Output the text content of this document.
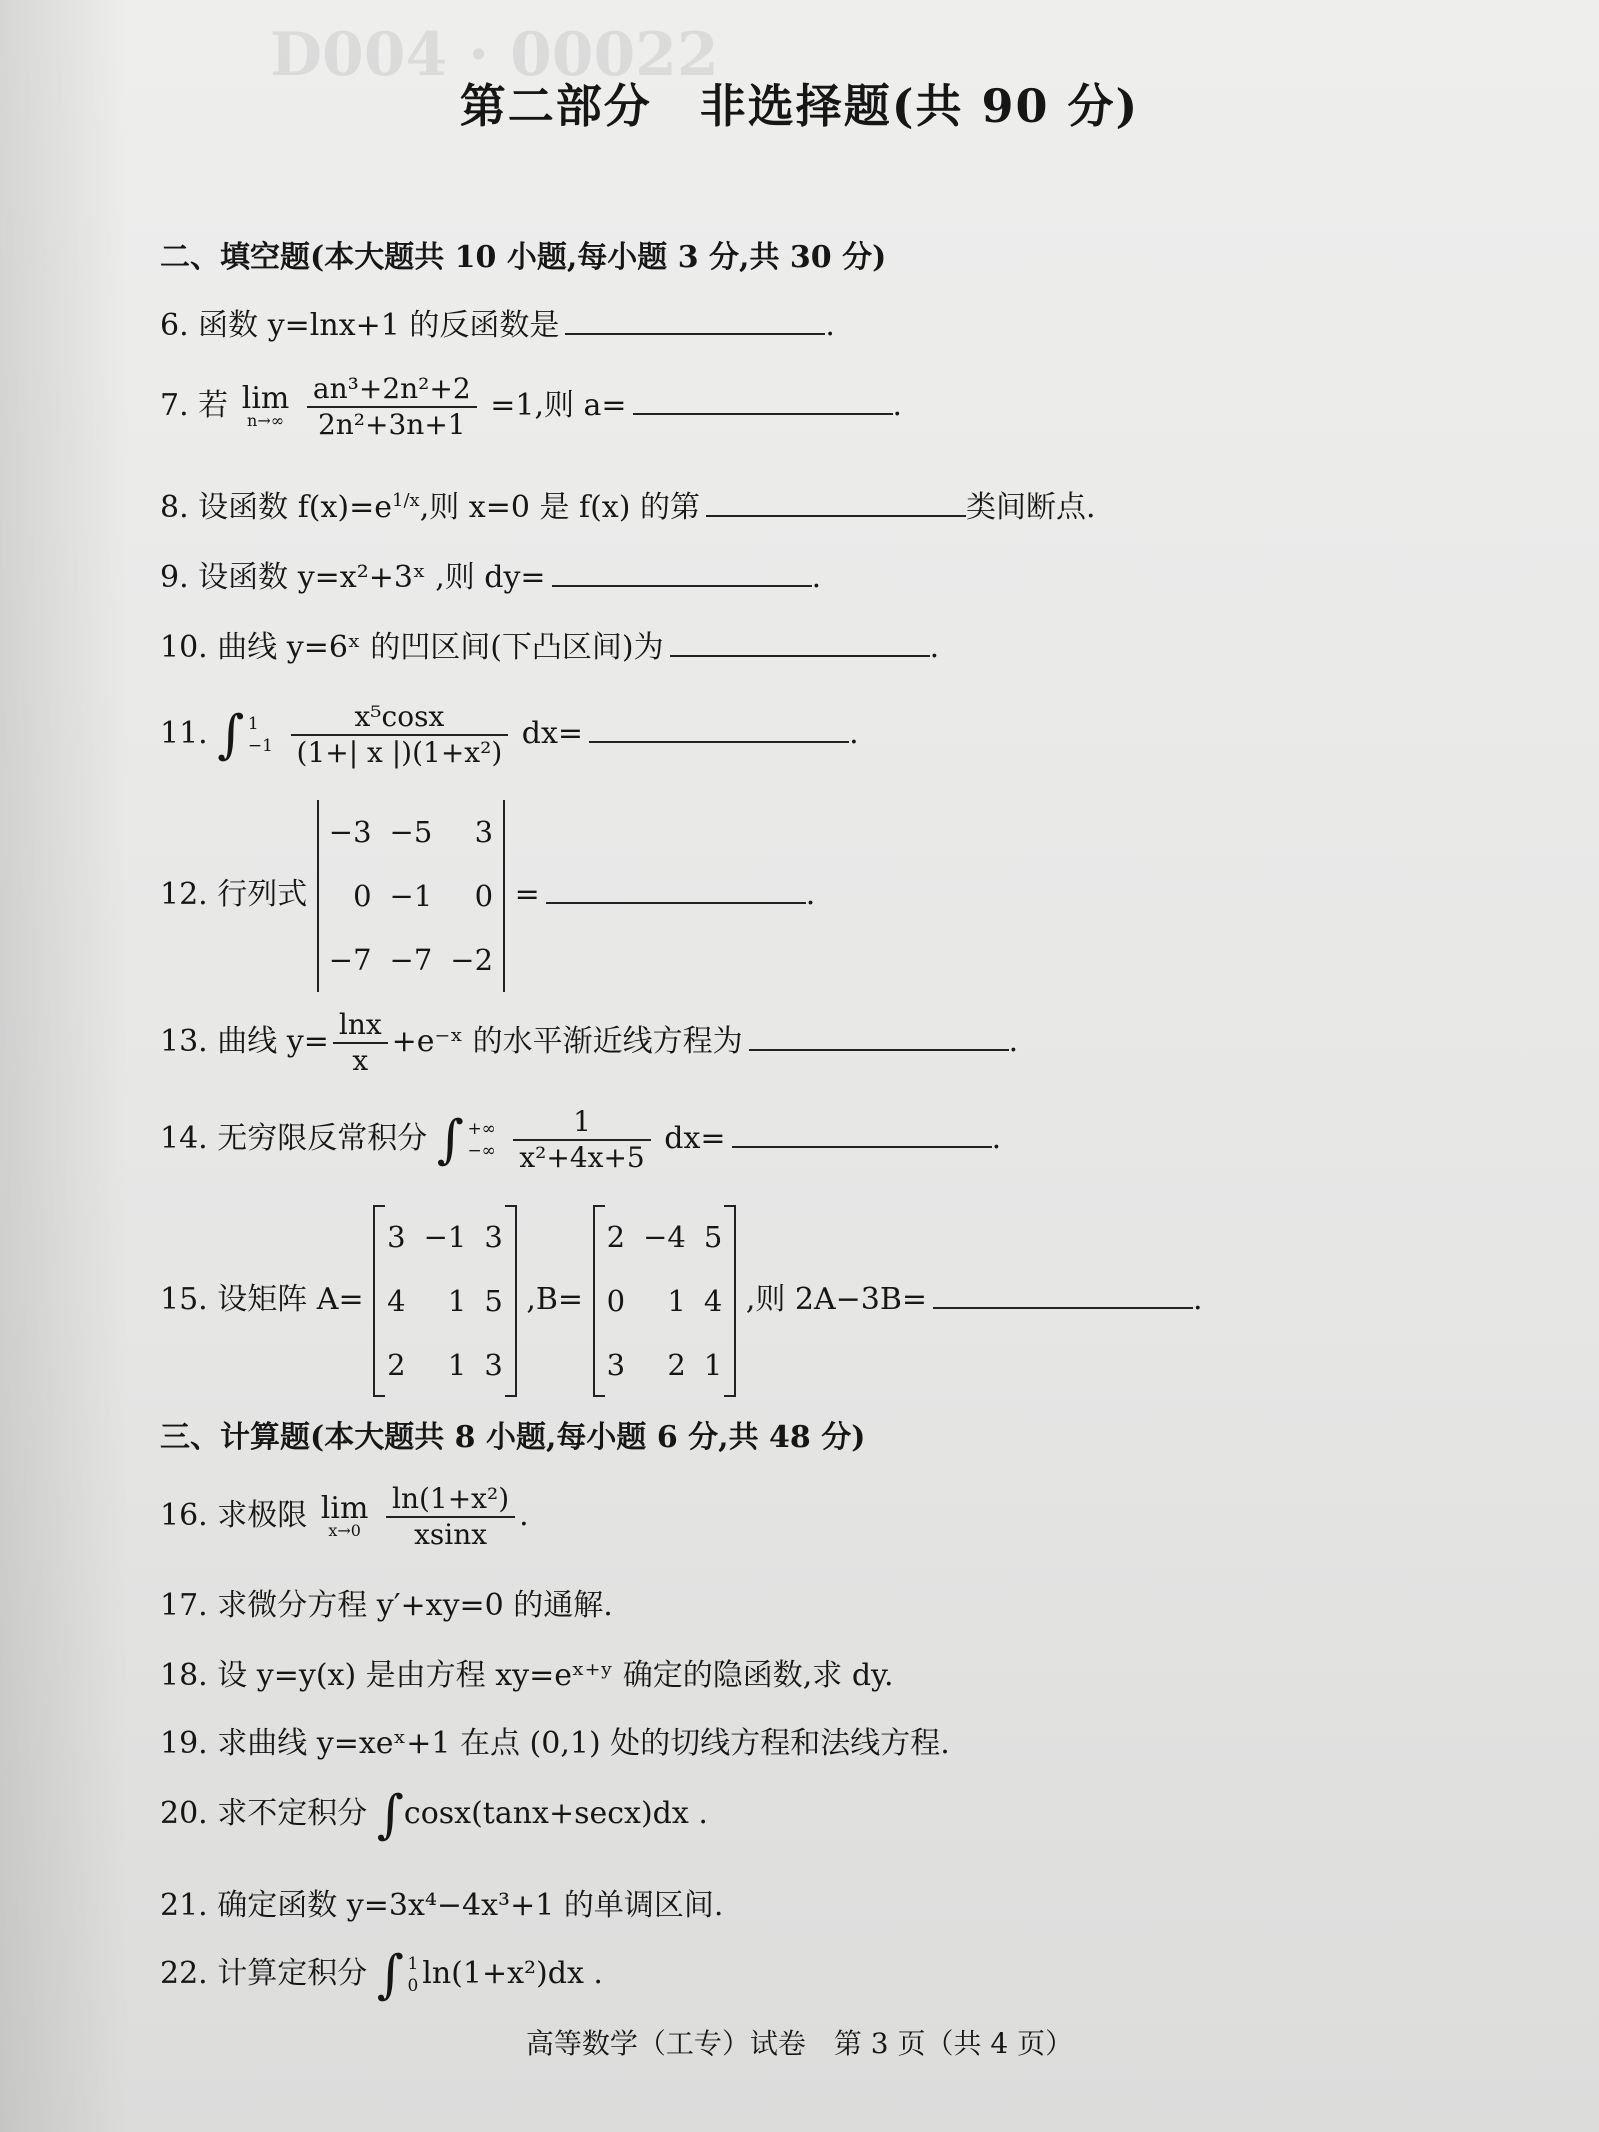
D004 · 00022
第二部分　非选择题(共 90 分)
二、填空题(本大题共 10 小题,每小题 3 分,共 30 分)
6. 函数 y=lnx+1 的反函数是	.
7. 若 lim
n→∞
$\frac{\text{an³+2n²+2}}{\text{2n²+3n+1}} =1$,则 a=	.
8. 设函数 $f(x)=e^{1/x}$,则 x=0 是 f(x) 的第	类间断点.
9. 设函数 y=x²+3ˣ ,则 dy=	.
10. 曲线 y=6ˣ 的凹区间(下凸区间)为	.
11. ∫ 1
−1
$\frac{\text{x⁵cosx}}{\text{(1+| x |)(1+x²)}} dx=$	.
12. 行列式
−3 −5	3
0 −1	0
−7 −7 −2
=	.
13. 曲线 $y= \frac{\ln x}{x}$ +e⁻ˣ 的水平渐近线方程为	.
14. 无穷限反常积分 ∫ +∞
−∞
$\frac{1}{\text{x²+4x+5}} dx=$	.
15. 设矩阵 A=
3 −1 3
4	1 5
2	1 3
,B=
2 −4 5
0	1 4
3	2 1
,则 2A−3B=	.
三、计算题(本大题共 8 小题,每小题 6 分,共 48 分)
16. 求极限 lim
x→0
$\frac{\text{ln(1+x²)}}{xsinx}$ .
17. 求微分方程 y′+xy=0 的通解.
18. 设 y=y(x) 是由方程 xy=eˣ⁺ʸ 确定的隐函数,求 dy.
19. 求曲线 y=xeˣ+1 在点 (0,1) 处的切线方程和法线方程.
20. 求不定积分 ∫cosx(tanx+secx)dx .
21. 确定函数 y=3x⁴−4x³+1 的单调区间.
22. 计算定积分 ∫ 1
0 ln(1+x²)dx .
高等数学（工专）试卷　第 3 页（共 4 页）
